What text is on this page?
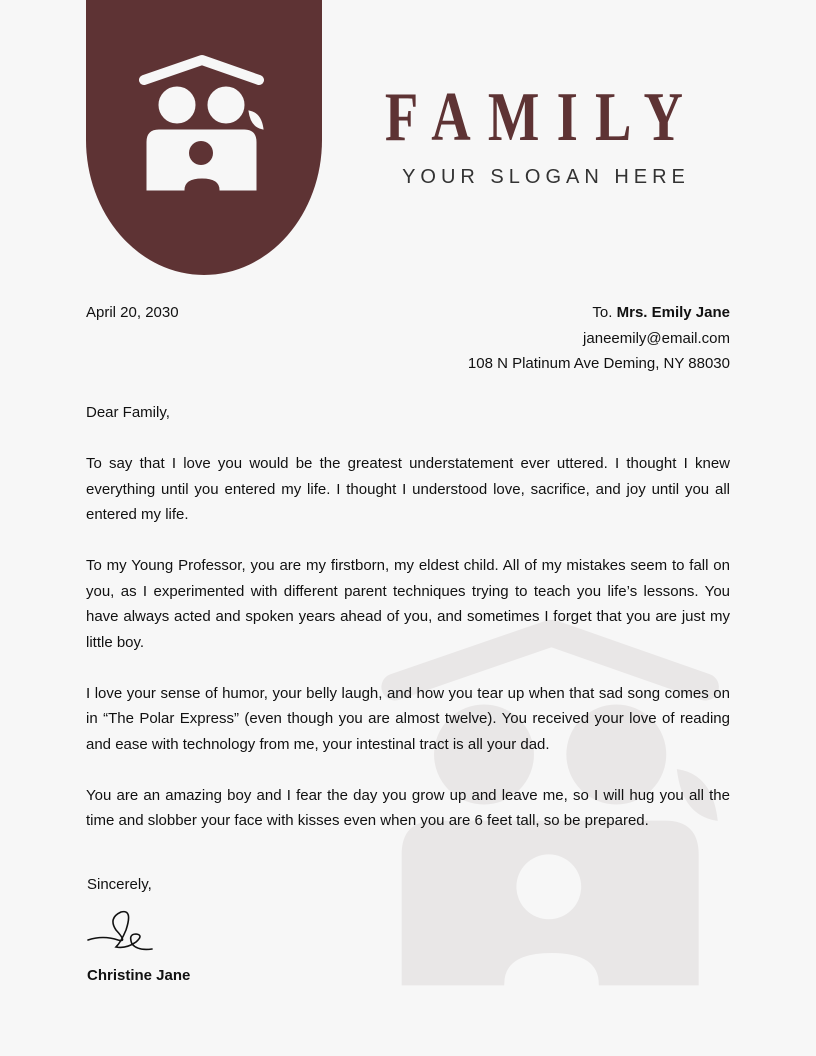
FAMILY
YOUR SLOGAN HERE
April 20, 2030	To. Mrs. Emily Jane
janeemily@email.com
108 N Platinum Ave Deming, NY 88030

Dear Family,

To say that I love you would be the greatest understatement ever uttered. I thought I knew everything until you entered my life. I thought I understood love, sacrifice, and joy until you all entered my life.

To my Young Professor, you are my firstborn, my eldest child. All of my mistakes seem to fall on you, as I experimented with different parent techniques trying to teach you life’s lessons. You have always acted and spoken years ahead of you, and sometimes I forget that you are just my little boy.

I love your sense of humor, your belly laugh, and how you tear up when that sad song comes on in “The Polar Express” (even though you are almost twelve). You received your love of reading and ease with technology from me, your intestinal tract is all your dad.

You are an amazing boy and I fear the day you grow up and leave me, so I will hug you all the time and slobber your face with kisses even when you are 6 feet tall, so be prepared.

Sincerely,
Christine Jane
